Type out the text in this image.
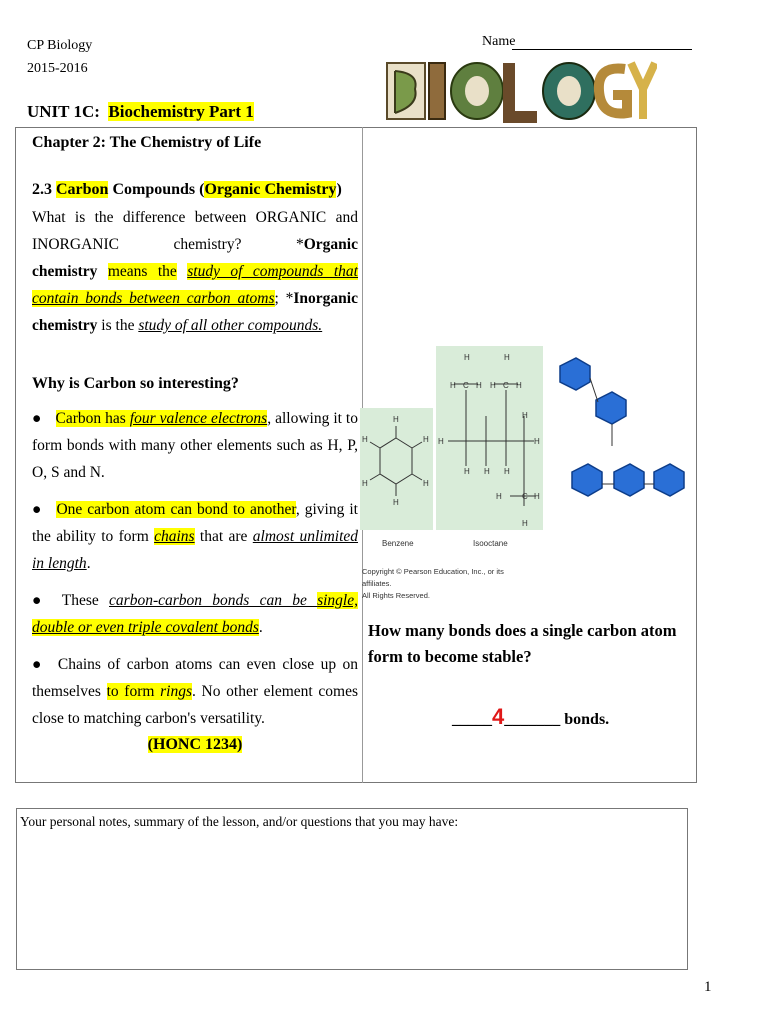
CP Biology
2015-2016
Name
UNIT 1C: Biochemistry Part 1

Chapter 2: The Chemistry of Life

2.3 Carbon Compounds (Organic Chemistry)

What is the difference between ORGANIC and INORGANIC chemistry? *Organic chemistry means the study of compounds that contain bonds between carbon atoms; *Inorganic chemistry is the study of all other compounds.

Why is Carbon so interesting?

● Carbon has four valence electrons, allowing it to form bonds with many other elements such as H, P, O, S and N.

● One carbon atom can bond to another, giving it the ability to form chains that are almost unlimited in length.

● These carbon-carbon bonds can be single, double or even triple covalent bonds.

● Chains of carbon atoms can even close up on themselves to form rings. No other element comes close to matching carbon's versatility.

(HONC 1234)
H
H
H
H
H
H
H	H
H C H H C H
H
H
H
H H H
H	C H
H
Benzene	Isooctane
Copyright © Pearson Education, Inc., or its affiliates.
All Rights Reserved.
How many bonds does a single carbon atom form to become stable?
_____4_______ bonds.
Your personal notes, summary of the lesson, and/or questions that you may have:
1
